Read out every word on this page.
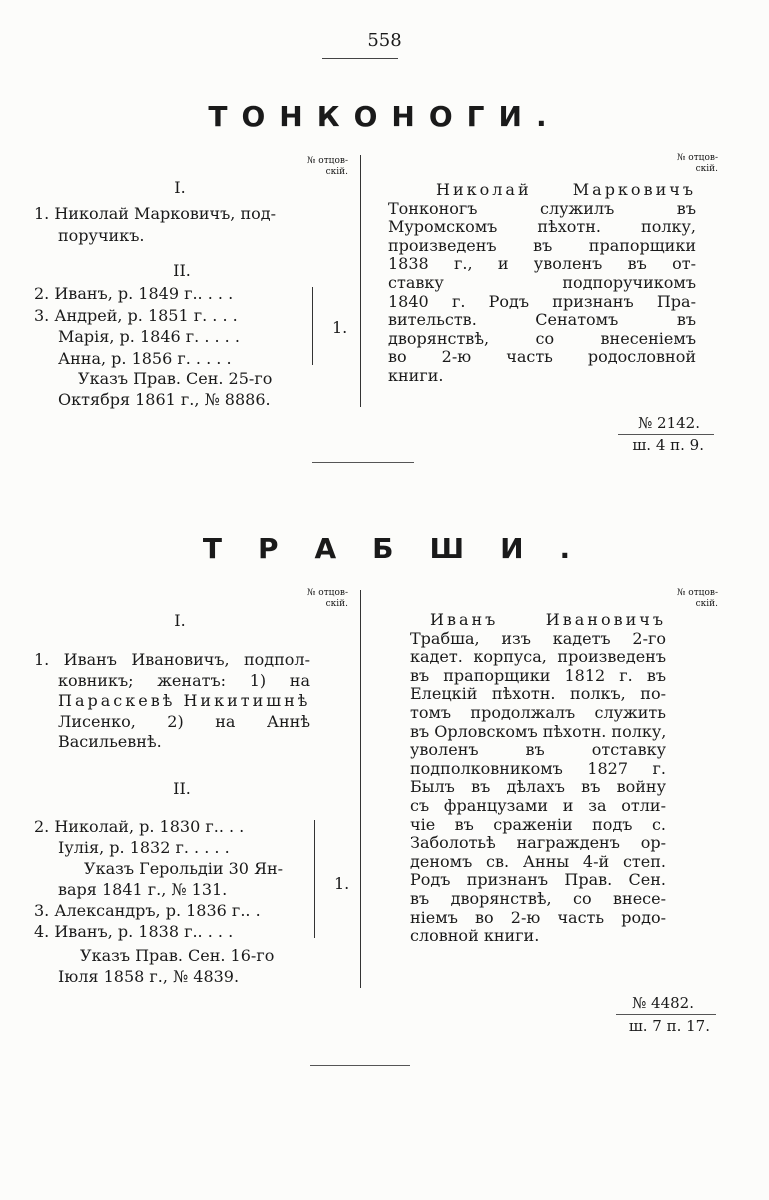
558
ТОНКОНОГИ.
№ отцов-
скій.
№ отцов-
скій.
I.
1. Николай Марковичъ, под-
поручикъ.
II.
2. Иванъ, р. 1849 г.. . . .
3. Андрей, р. 1851 г. . . .
Марія, р. 1846 г. . . . .
Анна, р. 1856 г. . . . .
1.
Указъ Прав. Сен. 25-го
Октября 1861 г., № 8886.
Николай Марковичъ
Тонконогъ служилъ въ
Муромскомъ пѣхотн. полку,
произведенъ въ прапорщики
1838 г., и уволенъ въ от-
ставку подпоручикомъ
1840 г. Родъ признанъ Пра-
вительств. Сенатомъ въ
дворянствѣ, со внесеніемъ
во 2-ю часть родословной
книги.
№ 2142.
ш. 4 п. 9.
ТРАБШИ.
№ отцов-
скій.
№ отцов-
скій.
I.
1. Иванъ Ивановичъ, подпол-
ковникъ; женатъ: 1) на
Параскевѣ Никитишнѣ
Лисенко, 2) на Аннѣ
Васильевнѣ.
II.
2. Николай, р. 1830 г.. . .
Іулія, р. 1832 г. . . . .
Указъ Герольдіи 30 Ян-
варя 1841 г., № 131.
3. Александръ, р. 1836 г.. .
4. Иванъ, р. 1838 г.. . . .
1.
Указъ Прав. Сен. 16-го
Іюля 1858 г., № 4839.
Иванъ Ивановичъ
Трабша, изъ кадетъ 2-го
кадет. корпуса, произведенъ
въ прапорщики 1812 г. въ
Елецкій пѣхотн. полкъ, по-
томъ продолжалъ служить
въ Орловскомъ пѣхотн. полку,
уволенъ въ отставку
подполковникомъ 1827 г.
Былъ въ дѣлахъ въ войну
съ французами и за отли-
чіе въ сраженіи подъ с.
Заболотьѣ награжденъ ор-
деномъ св. Анны 4-й степ.
Родъ признанъ Прав. Сен.
въ дворянствѣ, со внесе-
ніемъ во 2-ю часть родо-
словной книги.
№ 4482.
ш. 7 п. 17.
